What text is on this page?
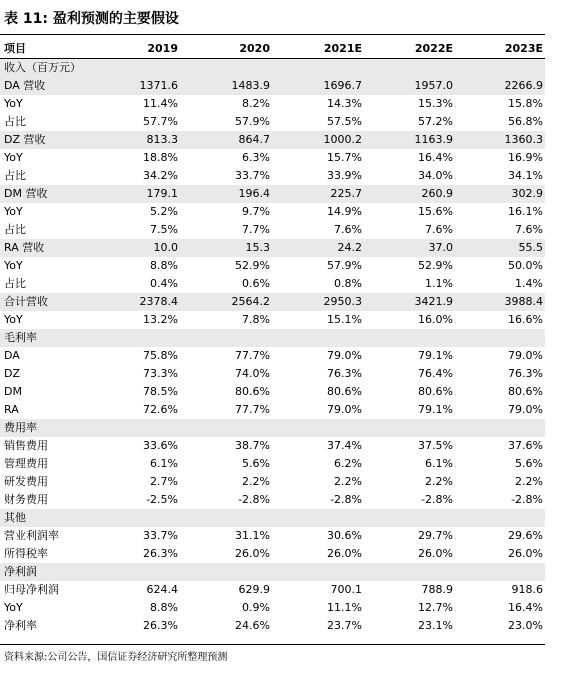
表 11: 盈利预测的主要假设
项目	2019	2020	2021E	2022E	2023E
收入（百万元）
DA 营收	1371.6	1483.9	1696.7	1957.0	2266.9
YoY	11.4%	8.2%	14.3%	15.3%	15.8%
占比	57.7%	57.9%	57.5%	57.2%	56.8%
DZ 营收	813.3	864.7	1000.2	1163.9	1360.3
YoY	18.8%	6.3%	15.7%	16.4%	16.9%
占比	34.2%	33.7%	33.9%	34.0%	34.1%
DM 营收	179.1	196.4	225.7	260.9	302.9
YoY	5.2%	9.7%	14.9%	15.6%	16.1%
占比	7.5%	7.7%	7.6%	7.6%	7.6%
RA 营收	10.0	15.3	24.2	37.0	55.5
YoY	8.8%	52.9%	57.9%	52.9%	50.0%
占比	0.4%	0.6%	0.8%	1.1%	1.4%
合计营收	2378.4	2564.2	2950.3	3421.9	3988.4
YoY	13.2%	7.8%	15.1%	16.0%	16.6%
毛利率
DA	75.8%	77.7%	79.0%	79.1%	79.0%
DZ	73.3%	74.0%	76.3%	76.4%	76.3%
DM	78.5%	80.6%	80.6%	80.6%	80.6%
RA	72.6%	77.7%	79.0%	79.1%	79.0%
费用率
销售费用	33.6%	38.7%	37.4%	37.5%	37.6%
管理费用	6.1%	5.6%	6.2%	6.1%	5.6%
研发费用	2.7%	2.2%	2.2%	2.2%	2.2%
财务费用	-2.5%	-2.8%	-2.8%	-2.8%	-2.8%
其他
营业利润率	33.7%	31.1%	30.6%	29.7%	29.6%
所得税率	26.3%	26.0%	26.0%	26.0%	26.0%
净利润
归母净利润	624.4	629.9	700.1	788.9	918.6
YoY	8.8%	0.9%	11.1%	12.7%	16.4%
净利率	26.3%	24.6%	23.7%	23.1%	23.0%
资料来源:公司公告，国信证券经济研究所整理预测
